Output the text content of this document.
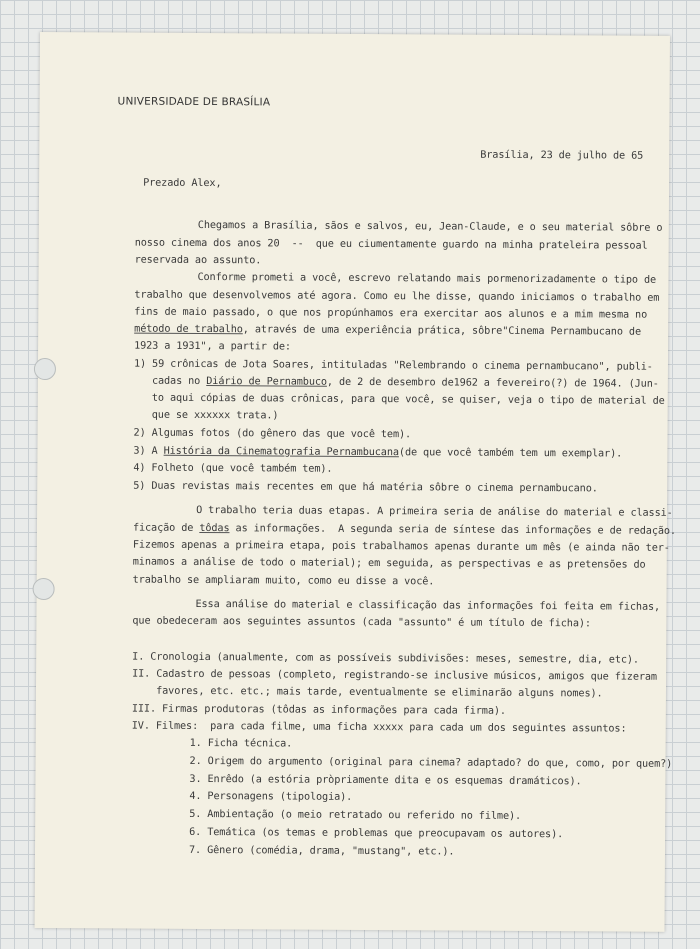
UNIVERSIDADE DE BRASÍLIA

Brasília, 23 de julho de 65

Prezado Alex,

Chegamos a Brasília, sãos e salvos, eu, Jean-Claude, e o seu material sôbre o

nosso cinema dos anos 20  --  que eu ciumentamente guardo na minha prateleira pessoal

reservada ao assunto.

Conforme prometi a você, escrevo relatando mais pormenorizadamente o tipo de

trabalho que desenvolvemos até agora. Como eu lhe disse, quando iniciamos o trabalho em

fins de maio passado, o que nos propúnhamos era exercitar aos alunos e a mim mesma no

método de trabalho, através de uma experiência prática, sôbre"Cinema Pernambucano de

1923 a 1931", a partir de:

1) 59 crônicas de Jota Soares, intituladas "Relembrando o cinema pernambucano", publi-

cadas no Diário de Pernambuco, de 2 de desembro de1962 a fevereiro(?) de 1964. (Jun-

to aqui cópias de duas crônicas, para que você, se quiser, veja o tipo de material de

que se xxxxxx trata.)

2) Algumas fotos (do gênero das que você tem).

3) A História da Cinematografia Pernambucana(de que você também tem um exemplar).

4) Folheto (que você também tem).

5) Duas revistas mais recentes em que há matéria sôbre o cinema pernambucano.

O trabalho teria duas etapas. A primeira seria de análise do material e classi-

ficação de tôdas as informações.  A segunda seria de síntese das informações e de redação.

Fizemos apenas a primeira etapa, pois trabalhamos apenas durante um mês (e ainda não ter-

minamos a análise de todo o material); em seguida, as perspectivas e as pretensões do

trabalho se ampliaram muito, como eu disse a você.

Essa análise do material e classificação das informações foi feita em fichas,

que obedeceram aos seguintes assuntos (cada "assunto" é um título de ficha):

I. Cronologia (anualmente, com as possíveis subdivisões: meses, semestre, dia, etc).

II. Cadastro de pessoas (completo, registrando-se inclusive músicos, amigos que fizeram

favores, etc. etc.; mais tarde, eventualmente se eliminarão alguns nomes).

III. Firmas produtoras (tôdas as informações para cada firma).

IV. Filmes:  para cada filme, uma ficha xxxxx para cada um dos seguintes assuntos:

1. Ficha técnica.

2. Origem do argumento (original para cinema? adaptado? do que, como, por quem?)

3. Enrêdo (a estória pròpriamente dita e os esquemas dramáticos).

4. Personagens (tipologia).

5. Ambientação (o meio retratado ou referido no filme).

6. Temática (os temas e problemas que preocupavam os autores).

7. Gênero (comédia, drama, "mustang", etc.).
